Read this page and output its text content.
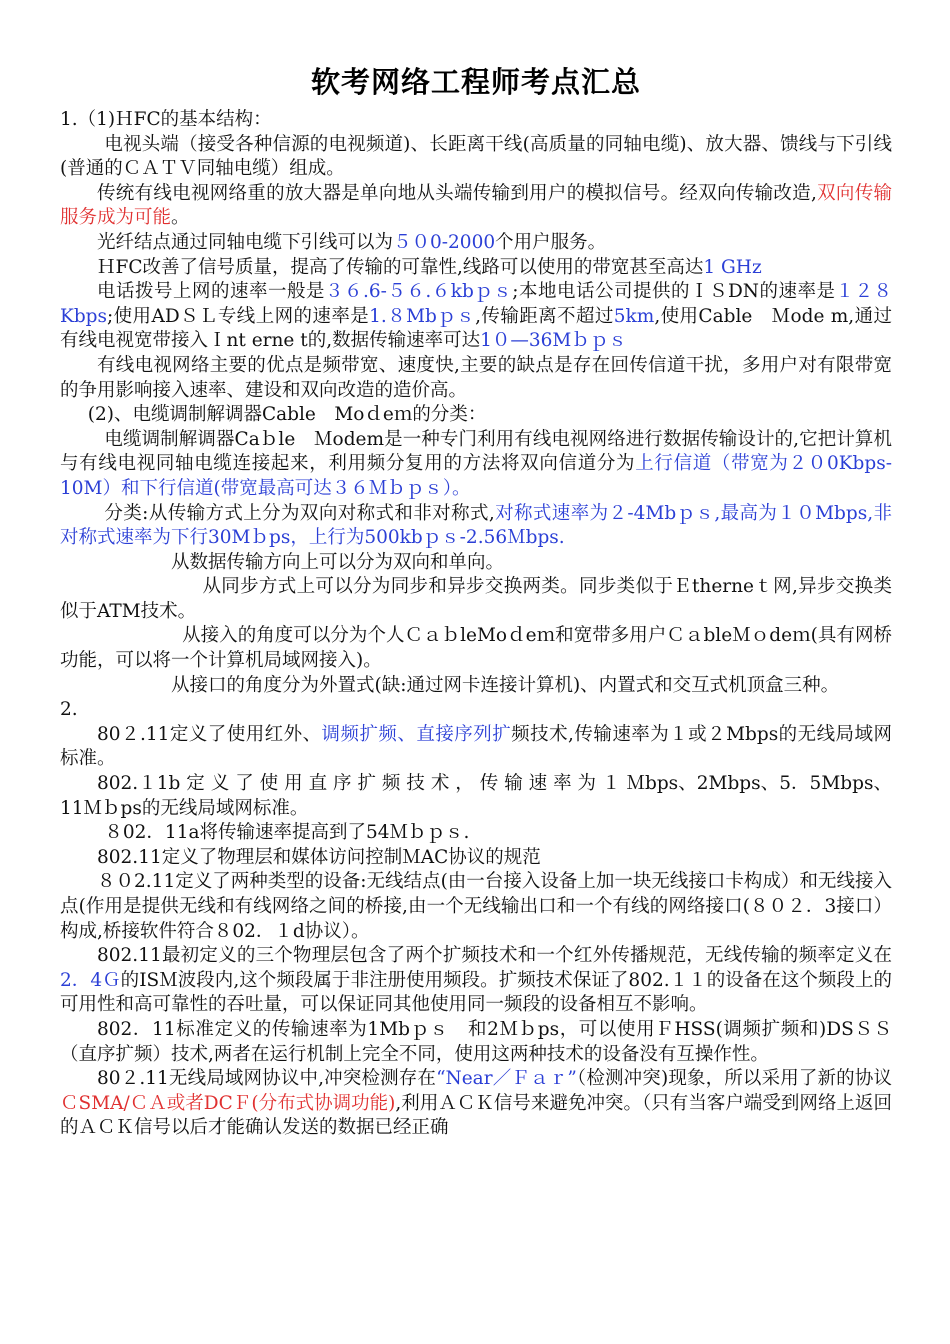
软考网络工程师考点汇总

1.（1)ＨFC的基本结构：

电视头端（接受各种信源的电视频道)、长距离干线(高质量的同轴电缆)、放大器、馈线与下引线(普通的ＣＡＴＶ同轴电缆）组成。

传统有线电视网络重的放大器是单向地从头端传输到用户的模拟信号。经双向传输改造,双向传输服务成为可能。

光纤结点通过同轴电缆下引线可以为５０0-2000个用户服务。

ＨFC改善了信号质量，提高了传输的可靠性,线路可以使用的带宽甚至高达1 GHz

电话拨号上网的速率一般是３６.6-５６.６kbｐｓ;本地电话公司提供的ＩＳDN的速率是１２８Kbps;使用ADＳＬ专线上网的速率是1.８Mbｐｓ,传输距离不超过5km,使用Cable　Ｍode m,通过有线电视宽带接入Ｉnt erne t的,数据传输速率可达1０—36Mｂｐｓ

有线电视网络主要的优点是频带宽、速度快,主要的缺点是存在回传信道干扰，多用户对有限带宽的争用影响接入速率、建设和双向改造的造价高。

(2)、电缆调制解调器Cable　Moｄeｍ的分类：

电缆调制解调器Caｂle　Ｍodem是一种专门利用有线电视网络进行数据传输设计的,它把计算机与有线电视同轴电缆连接起来，利用频分复用的方法将双向信道分为上行信道（带宽为２０0Kbps-10M）和下行信道(带宽最高可达３６Ｍｂｐｓ）。

分类:从传输方式上分为双向对称式和非对称式,对称式速率为２-4Mbｐｓ,最高为１０Mbps,非对称式速率为下行30Mｂps，上行为500kbｐｓ-2.56Ｍbps.

从数据传输方向上可以分为双向和单向。

从同步方式上可以分为同步和异步交换两类。同步类似于Ｅtherneｔ网,异步交换类似于ATM技术。

从接入的角度可以分为个人ＣａｂleMoｄeｍ和宽带多用户ＣａbleＭｏdeｍ(具有网桥功能，可以将一个计算机局域网接入)。

从接口的角度分为外置式(缺:通过网卡连接计算机)、内置式和交互式机顶盒三种。

2.

80２.11定义了使用红外、调频扩频、直接序列扩频技术,传输速率为１或２Mbps的无线局域网标准。

802.１1b 定 义 了 使 用 直 序 扩 频 技 术 ， 传 输 速 率 为 １ Ｍbps、2Mbps、5．5Mbps、11Ｍｂps的无线局域网标准。

８02．11a将传输速率提高到了54Ｍｂｐｓ.

802.11定义了物理层和媒体访问控制ＭAC协议的规范

８０2.11定义了两种类型的设备:无线结点(由一台接入设备上加一块无线接口卡构成）和无线接入点(作用是提供无线和有线网络之间的桥接,由一个无线输出口和一个有线的网络接口(８０２．3接口）构成,桥接软件符合８02．１d协议）。

802.11最初定义的三个物理层包含了两个扩频技术和一个红外传播规范，无线传输的频率定义在2．4Ｇ的ISＭ波段内,这个频段属于非注册使用频段。扩频技术保证了802.１１的设备在这个频段上的可用性和高可靠性的吞吐量，可以保证同其他使用同一频段的设备相互不影响。

802．11标准定义的传输速率为1Mbｐｓ　和2Ｍｂps，可以使用ＦHSS(调频扩频和)DSＳＳ（直序扩频）技术,两者在运行机制上完全不同，使用这两种技术的设备没有互操作性。

80２.11无线局域网协议中,冲突检测存在“Near／Ｆａｒ”（检测冲突)现象，所以采用了新的协议ＣSMA/ＣＡ或者DCＦ(分布式协调功能),利用ＡＣＫ信号来避免冲突。（只有当客户端受到网络上返回的ＡＣＫ信号以后才能确认发送的数据已经正确
